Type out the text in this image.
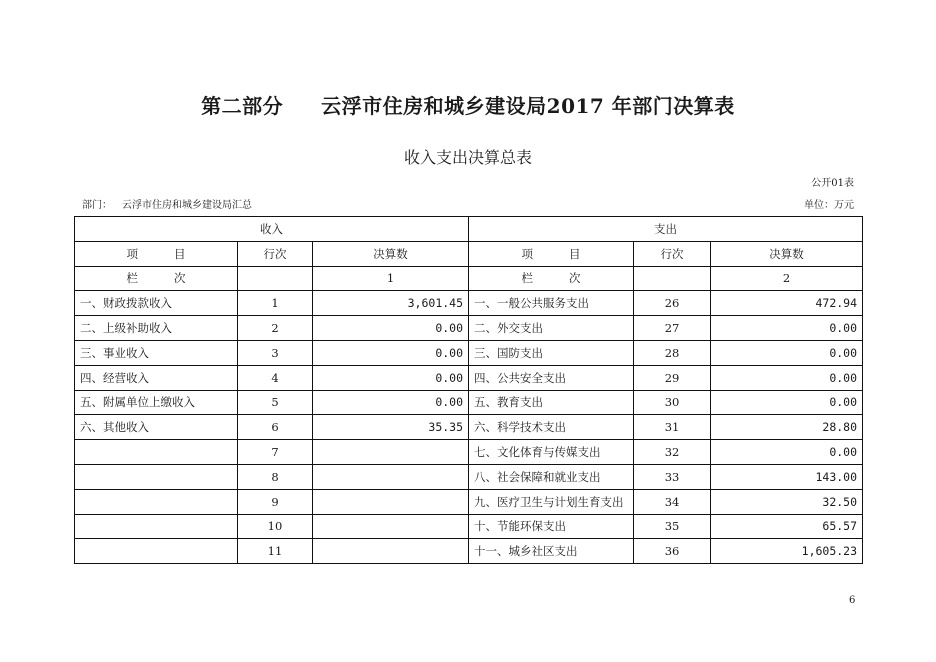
第二部分 云浮市住房和城乡建设局2017 年部门决算表
收入支出决算总表
公开01表
部门： 云浮市住房和城乡建设局汇总	单位：万元
收入			支出		
项 目	行次	决算数	项 目	行次	决算数
栏 次		1	栏 次		2
一、财政拨款收入	1	3,601.45	一、一般公共服务支出	26	472.94
二、上级补助收入	2	0.00	二、外交支出	27	0.00
三、事业收入	3	0.00	三、国防支出	28	0.00
四、经营收入	4	0.00	四、公共安全支出	29	0.00
五、附属单位上缴收入	5	0.00	五、教育支出	30	0.00
六、其他收入	6	35.35	六、科学技术支出	31	28.80
	7		七、文化体育与传媒支出	32	0.00
	8		八、社会保障和就业支出	33	143.00
	9		九、医疗卫生与计划生育支出	34	32.50
	10		十、节能环保支出	35	65.57
	11		十一、城乡社区支出	36	1,605.23
6
